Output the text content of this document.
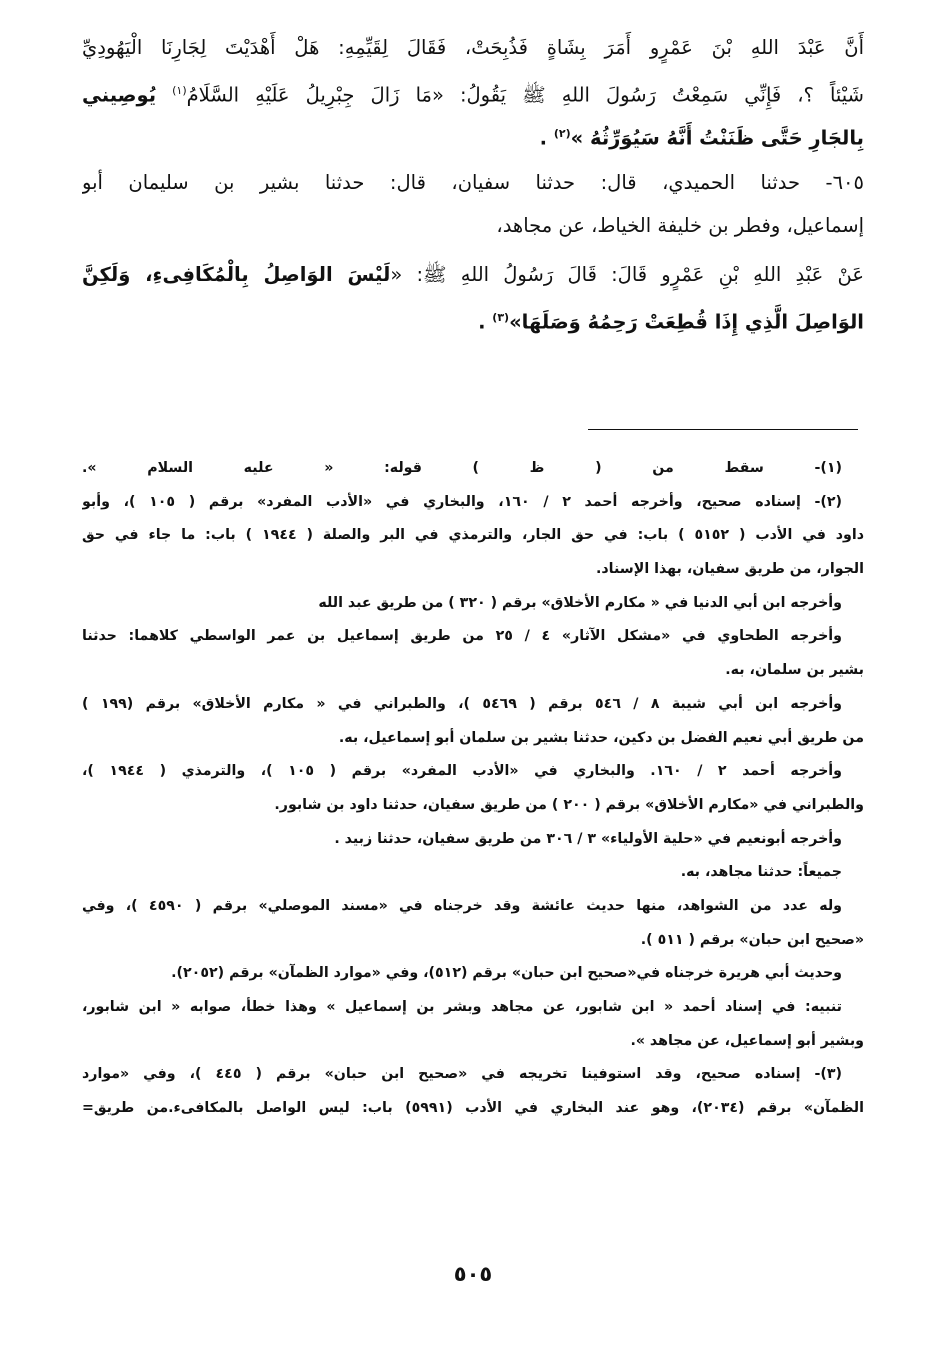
أَنَّ عَبْدَ اللهِ بْنَ عَمْرٍو أَمَرَ بِشَاةٍ فَذُبِحَتْ، فَقَالَ لِقَيِّمِهِ: هَلْ أَهْدَيْتَ لِجَارِنَا الْيَهُودِيِّ
شَيْئاً ؟، فَإِنِّي سَمِعْتُ رَسُولَ اللهِ ﷺ يَقُولُ: «مَا زَالَ جِبْرِيلُ عَلَيْهِ السَّلَامُ$^{(١)}$ يُوصِيني
بِالجَارِ حَتَّى ظَنَنْتُ أَنَّهُ سَيُوَرِّثُهُ »$^{(٢)}$ .
٦٠٥- حدثنا الحميدي، قال: حدثنا سفيان، قال: حدثنا بشير بن سليمان أبو
إسماعيل، وفطر بن خليفة الخياط، عن مجاهد،
عَنْ عَبْدِ اللهِ بْنِ عَمْرٍو قَالَ: قَالَ رَسُولُ اللهِ ﷺ: «لَيْسَ الوَاصِلُ بِالْمُكَافِىءِ، وَلَكِنَّ
الوَاصِلَ الَّذِي إِذَا قُطِعَتْ رَحِمُهُ وَصَلَهَا»$^{(٣)}$ .
(١)- سقط من ( ظ ) قوله: « عليه السلام ».
(٢)- إسناده صحيح، وأخرجه أحمد ٢ / ١٦٠، والبخاري في «الأدب المفرد» برقم ( ١٠٥ )، وأبو
داود في الأدب ( ٥١٥٢ ) باب: في حق الجار، والترمذي في البر والصلة ( ١٩٤٤ ) باب: ما جاء في حق
الجوار، من طريق سفيان، بهذا الإسناد.
وأخرجه ابن أبي الدنيا في « مكارم الأخلاق» برقم ( ٣٢٠ ) من طريق عبد الله
وأخرجه الطحاوي في «مشكل الآثار» ٤ / ٢٥ من طريق إسماعيل بن عمر الواسطي كلاهما: حدثنا
بشير بن سلمان، به.
وأخرجه ابن أبي شيبة ٨ / ٥٤٦ برقم ( ٥٤٦٩ )، والطبراني في « مكارم الأخلاق» برقم (١٩٩ )
من طريق أبي نعيم الفضل بن دكين، حدثنا بشير بن سلمان أبو إسماعيل، به.
وأخرجه أحمد ٢ / ١٦٠. والبخاري في «الأدب المفرد» برقم ( ١٠٥ )، والترمذي ( ١٩٤٤ )،
والطبراني في «مكارم الأخلاق» برقم ( ٢٠٠ ) من طريق سفيان، حدثنا داود بن شابور.
وأخرجه أبونعيم في «حلية الأولياء» ٣ / ٣٠٦ من طريق سفيان، حدثنا زبيد .
جميعاً: حدثنا مجاهد، به.
وله عدد من الشواهد، منها حديث عائشة وقد خرجناه في «مسند الموصلي» برقم ( ٤٥٩٠ )، وفي
«صحيح ابن حبان» برقم ( ٥١١ ).
وحديث أبي هريرة خرجناه في«صحيح ابن حبان» برقم (٥١٢)، وفي «موارد الظمآن» برقم (٢٠٥٢).
تنبيه: في إسناد أحمد « ابن شابور، عن مجاهد وبشر بن إسماعيل » وهذا خطأ، صوابه « ابن شابور،
وبشير أبو إسماعيل، عن مجاهد ».
(٣)- إسناده صحيح، وقد استوفينا تخريجه في «صحيح ابن حبان» برقم ( ٤٤٥ )، وفي «موارد
الظمآن» برقم (٢٠٣٤)، وهو عند البخاري في الأدب (٥٩٩١) باب: ليس الواصل بالمكافىء.من طريق=
٥٠٥
